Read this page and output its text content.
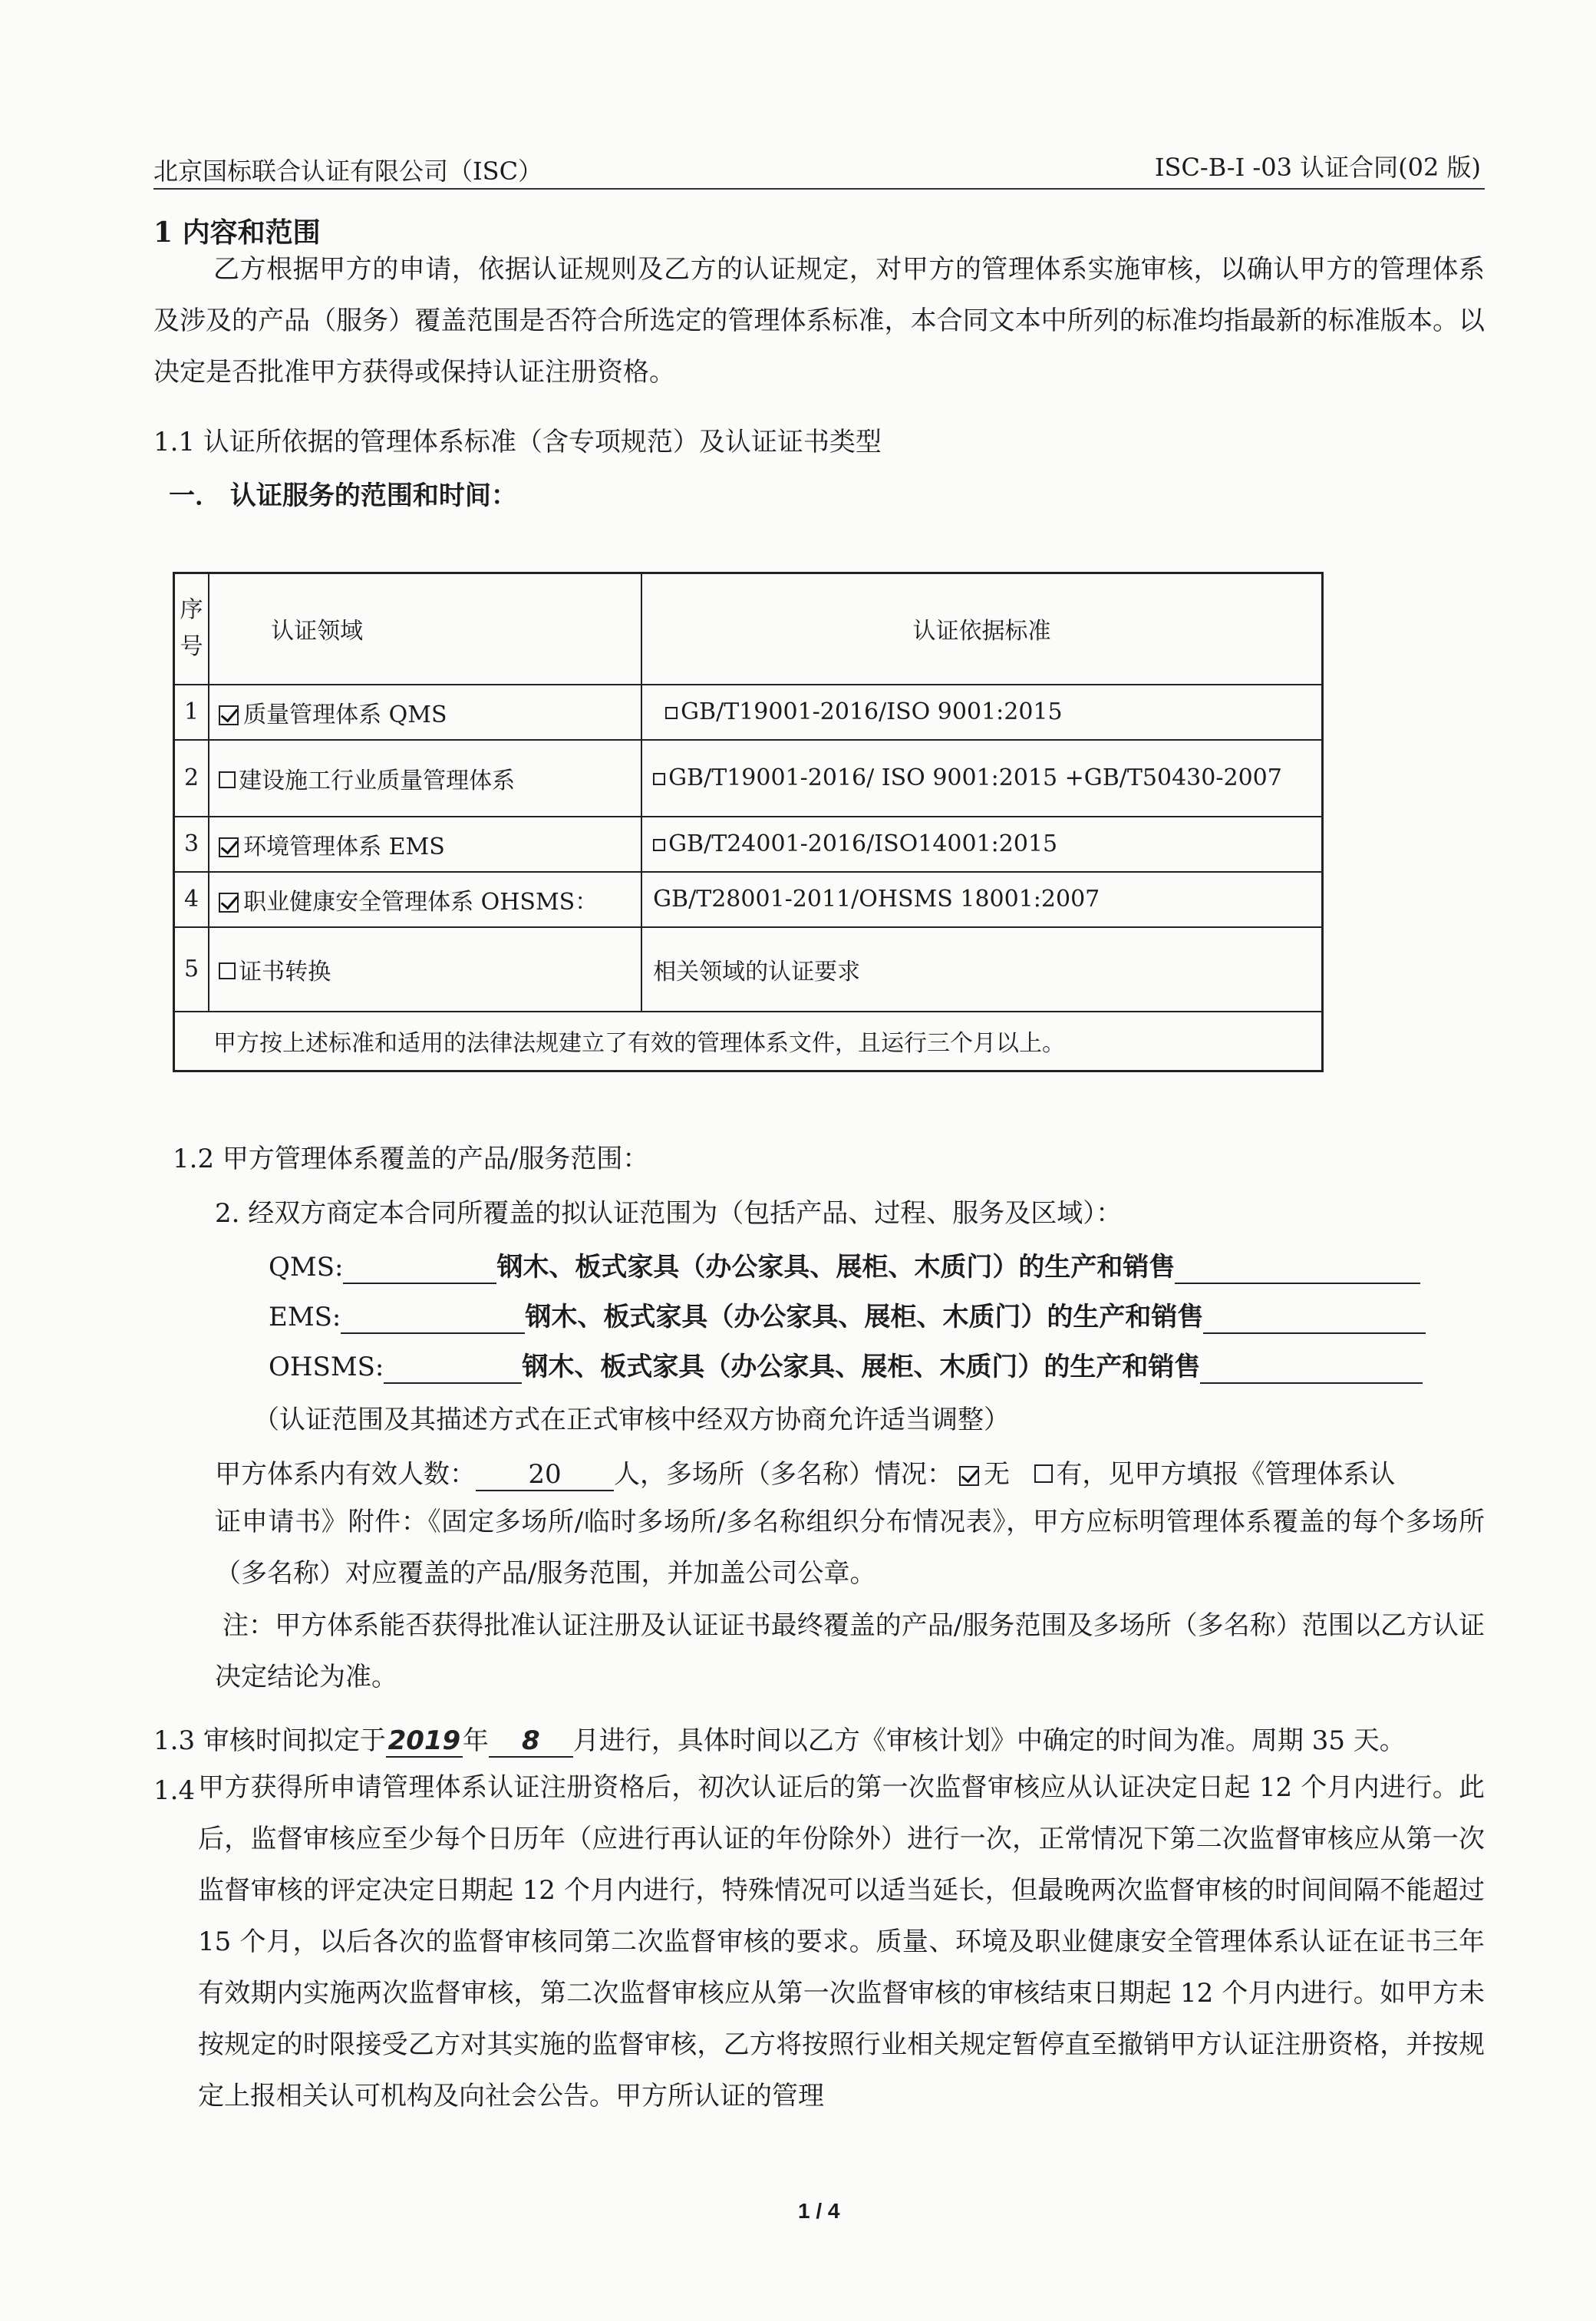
北京国标联合认证有限公司（ISC）	ISC-B-I -03 认证合同(02 版)
1 内容和范围
乙方根据甲方的申请，依据认证规则及乙方的认证规定，对甲方的管理体系实施审核，以确认甲方的管理体系及涉及的产品（服务）覆盖范围是否符合所选定的管理体系标准，本合同文本中所列的标准均指最新的标准版本。以决定是否批准甲方获得或保持认证注册资格。
1.1 认证所依据的管理体系标准（含专项规范）及认证证书类型
一． 认证服务的范围和时间：
序号	认证领域	认证依据标准
1	质量管理体系 QMS	GB/T19001-2016/ISO 9001:2015
2	建设施工行业质量管理体系	GB/T19001-2016/ ISO 9001:2015 +GB/T50430-2007
3	环境管理体系 EMS	GB/T24001-2016/ISO14001:2015
4	职业健康安全管理体系 OHSMS：	GB/T28001-2011/OHSMS 18001:2007
5	证书转换	相关领域的认证要求
甲方按上述标准和适用的法律法规建立了有效的管理体系文件，且运行三个月以上。		
1.2 甲方管理体系覆盖的产品/服务范围：
2. 经双方商定本合同所覆盖的拟认证范围为（包括产品、过程、服务及区域）：
QMS:	钢木、板式家具（办公家具、展柜、木质门）的生产和销售
EMS:	钢木、板式家具（办公家具、展柜、木质门）的生产和销售
OHSMS:	钢木、板式家具（办公家具、展柜、木质门）的生产和销售
（认证范围及其描述方式在正式审核中经双方协商允许适当调整）
甲方体系内有效人数： 20 人，多场所（多名称）情况： 无 有，见甲方填报《管理体系认
证申请书》附件：《固定多场所/临时多场所/多名称组织分布情况表》，甲方应标明管理体系覆盖的每个多场所（多名称）对应覆盖的产品/服务范围，并加盖公司公章。
注：甲方体系能否获得批准认证注册及认证证书最终覆盖的产品/服务范围及多场所（多名称）范围以乙方认证决定结论为准。
1.3 审核时间拟定于2019年 8 月进行，具体时间以乙方《审核计划》中确定的时间为准。周期 35 天。
1.4 甲方获得所申请管理体系认证注册资格后，初次认证后的第一次监督审核应从认证决定日起 12 个月内进行。此后，监督审核应至少每个日历年（应进行再认证的年份除外）进行一次，正常情况下第二次监督审核应从第一次监督审核的评定决定日期起 12 个月内进行，特殊情况可以适当延长，但最晚两次监督审核的时间间隔不能超过 15 个月，以后各次的监督审核同第二次监督审核的要求。质量、环境及职业健康安全管理体系认证在证书三年有效期内实施两次监督审核，第二次监督审核应从第一次监督审核的审核结束日期起 12 个月内进行。如甲方未按规定的时限接受乙方对其实施的监督审核，乙方将按照行业相关规定暂停直至撤销甲方认证注册资格，并按规定上报相关认可机构及向社会公告。甲方所认证的管理
1 / 4
